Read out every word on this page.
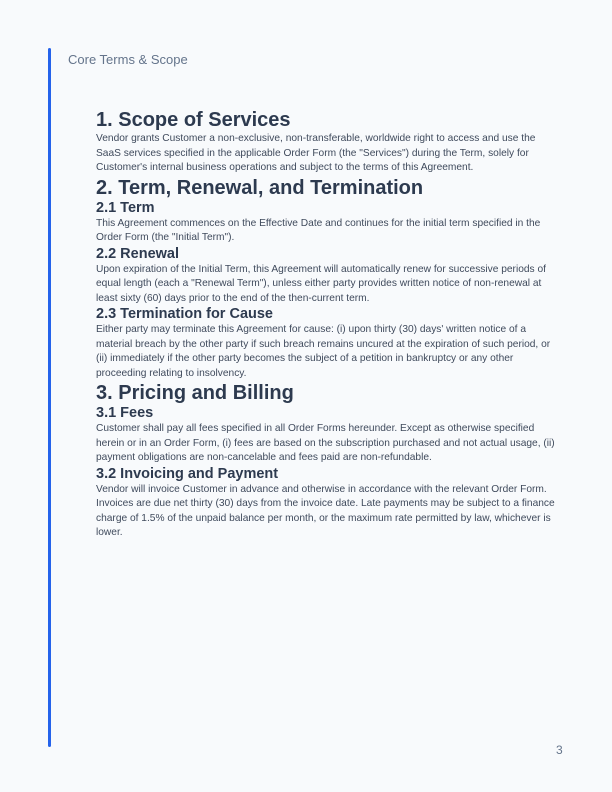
Core Terms & Scope
1. Scope of Services

Vendor grants Customer a non-exclusive, non-transferable, worldwide right to access and use the SaaS services specified in the applicable Order Form (the "Services") during the Term, solely for Customer's internal business operations and subject to the terms of this Agreement.

2. Term, Renewal, and Termination
2.1 Term

This Agreement commences on the Effective Date and continues for the initial term specified in the Order Form (the "Initial Term").

2.2 Renewal

Upon expiration of the Initial Term, this Agreement will automatically renew for successive periods of equal length (each a "Renewal Term"), unless either party provides written notice of non-renewal at least sixty (60) days prior to the end of the then-current term.

2.3 Termination for Cause

Either party may terminate this Agreement for cause: (i) upon thirty (30) days' written notice of a material breach by the other party if such breach remains uncured at the expiration of such period, or (ii) immediately if the other party becomes the subject of a petition in bankruptcy or any other proceeding relating to insolvency.

3. Pricing and Billing
3.1 Fees

Customer shall pay all fees specified in all Order Forms hereunder. Except as otherwise specified herein or in an Order Form, (i) fees are based on the subscription purchased and not actual usage, (ii) payment obligations are non-cancelable and fees paid are non-refundable.

3.2 Invoicing and Payment

Vendor will invoice Customer in advance and otherwise in accordance with the relevant Order Form. Invoices are due net thirty (30) days from the invoice date. Late payments may be subject to a finance charge of 1.5% of the unpaid balance per month, or the maximum rate permitted by law, whichever is lower.

3
